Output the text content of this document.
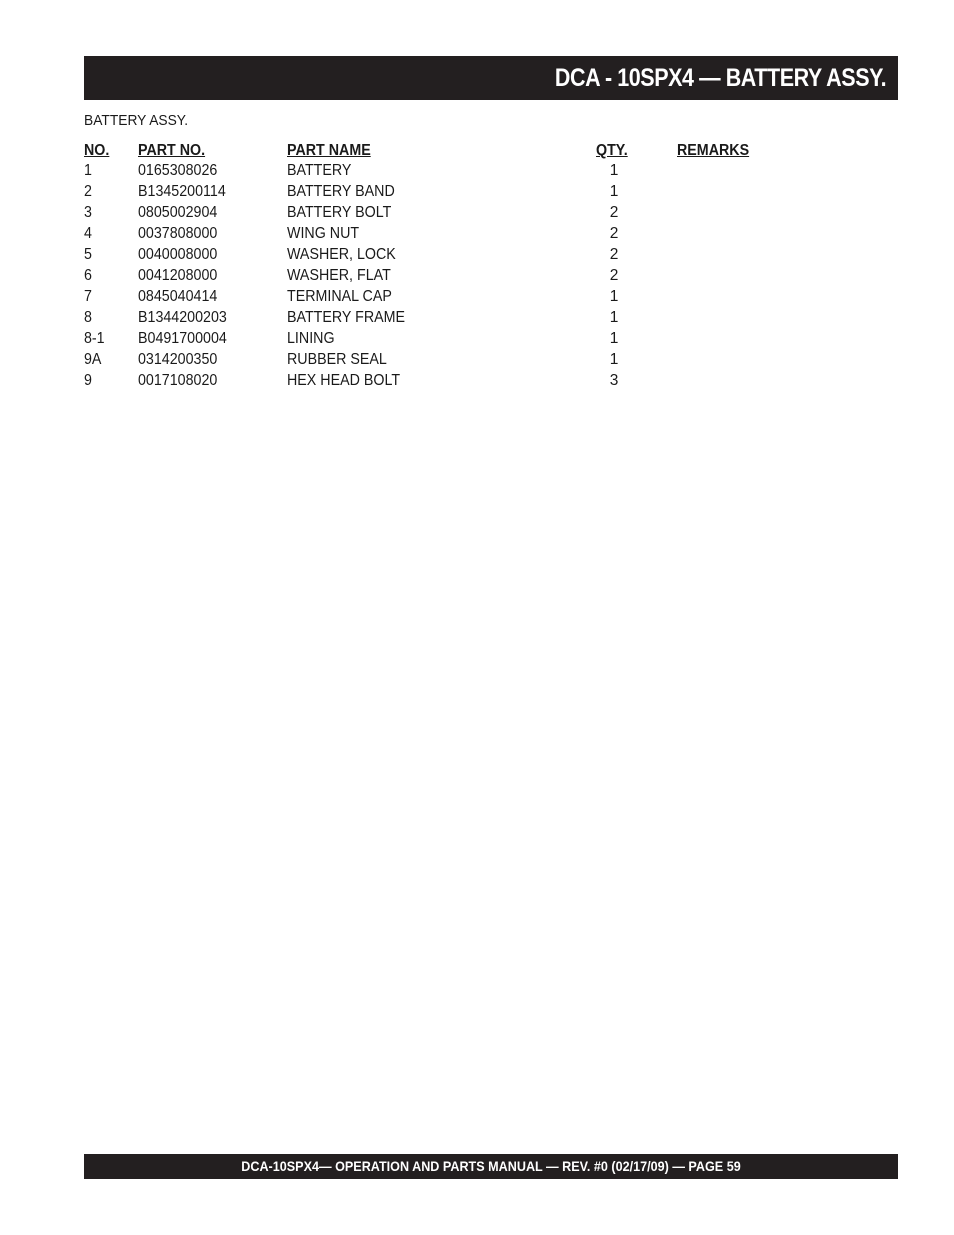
DCA - 10SPX4 — BATTERY ASSY.
BATTERY ASSY.
NO. PART NO.	PART NAME	QTY.	REMARKS
1	0165308026	BATTERY	1
2	B1345200114	BATTERY BAND	1
3	0805002904	BATTERY BOLT	2
4	0037808000	WING NUT	2
5	0040008000	WASHER, LOCK	2
6	0041208000	WASHER, FLAT	2
7	0845040414	TERMINAL CAP	1
8	B1344200203	BATTERY FRAME	1
8-1 B0491700004	LINING	1
9A 0314200350	RUBBER SEAL	1
9	0017108020	HEX HEAD BOLT	3
DCA-10SPX4— OPERATION AND PARTS MANUAL — REV. #0 (02/17/09) — PAGE 59
